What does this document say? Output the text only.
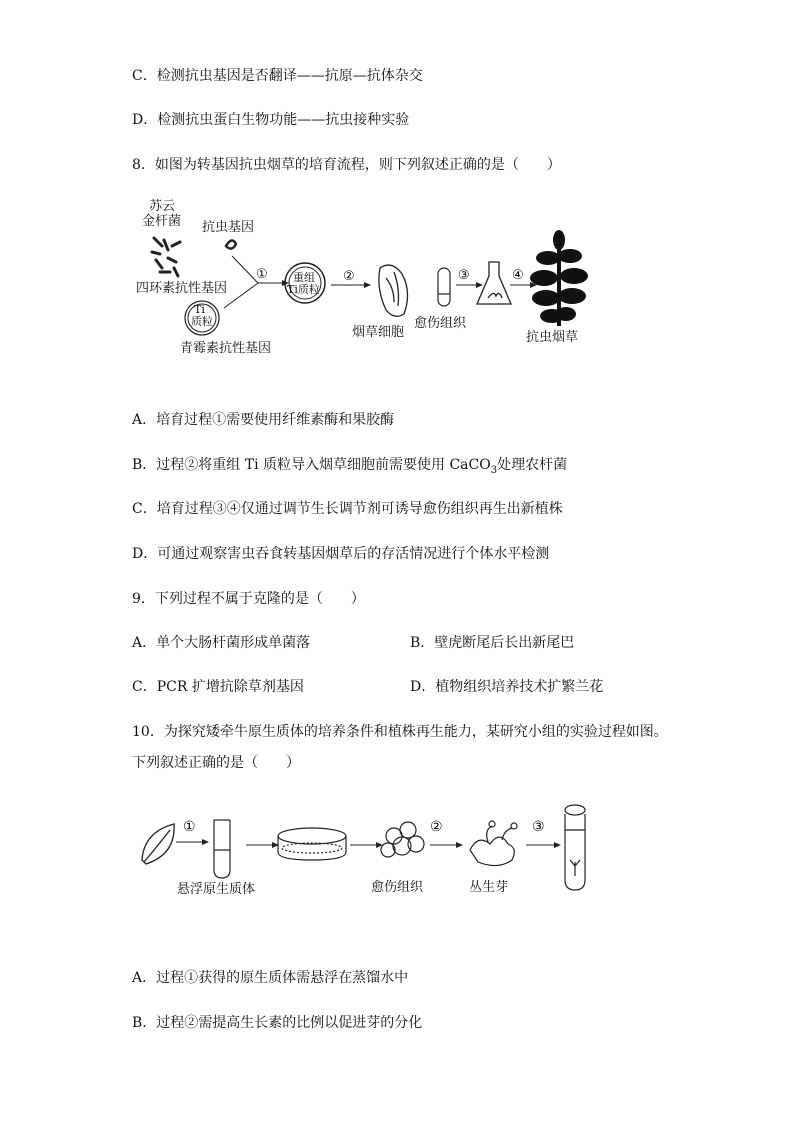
C．检测抗虫基因是否翻译——抗原—抗体杂交
D．检测抗虫蛋白生物功能——抗虫接种实验
8．如图为转基因抗虫烟草的培育流程，则下列叙述正确的是（　　）
苏云
金杆菌 抗虫基因
①
四环素抗性基因
Ti
质粒
青霉素抗性基因
重组
Ti质粒
②
烟草细胞
愈伤组织
③	④
抗虫烟草
A．培育过程①需要使用纤维素酶和果胶酶
B．过程②将重组 Ti 质粒导入烟草细胞前需要使用 CaCO$_3$处理农杆菌
C．培育过程③④仅通过调节生长调节剂可诱导愈伤组织再生出新植株
D．可通过观察害虫吞食转基因烟草后的存活情况进行个体水平检测
9．下列过程不属于克隆的是（　　）
A．单个大肠杆菌形成单菌落	B．壁虎断尾后长出新尾巴
C．PCR 扩增抗除草剂基因	D．植物组织培养技术扩繁兰花
10．为探究矮牵牛原生质体的培养条件和植株再生能力，某研究小组的实验过程如图。
下列叙述正确的是（　　）
①	②	③
悬浮原生质体	愈伤组织	丛生芽
A．过程①获得的原生质体需悬浮在蒸馏水中
B．过程②需提高生长素的比例以促进芽的分化
